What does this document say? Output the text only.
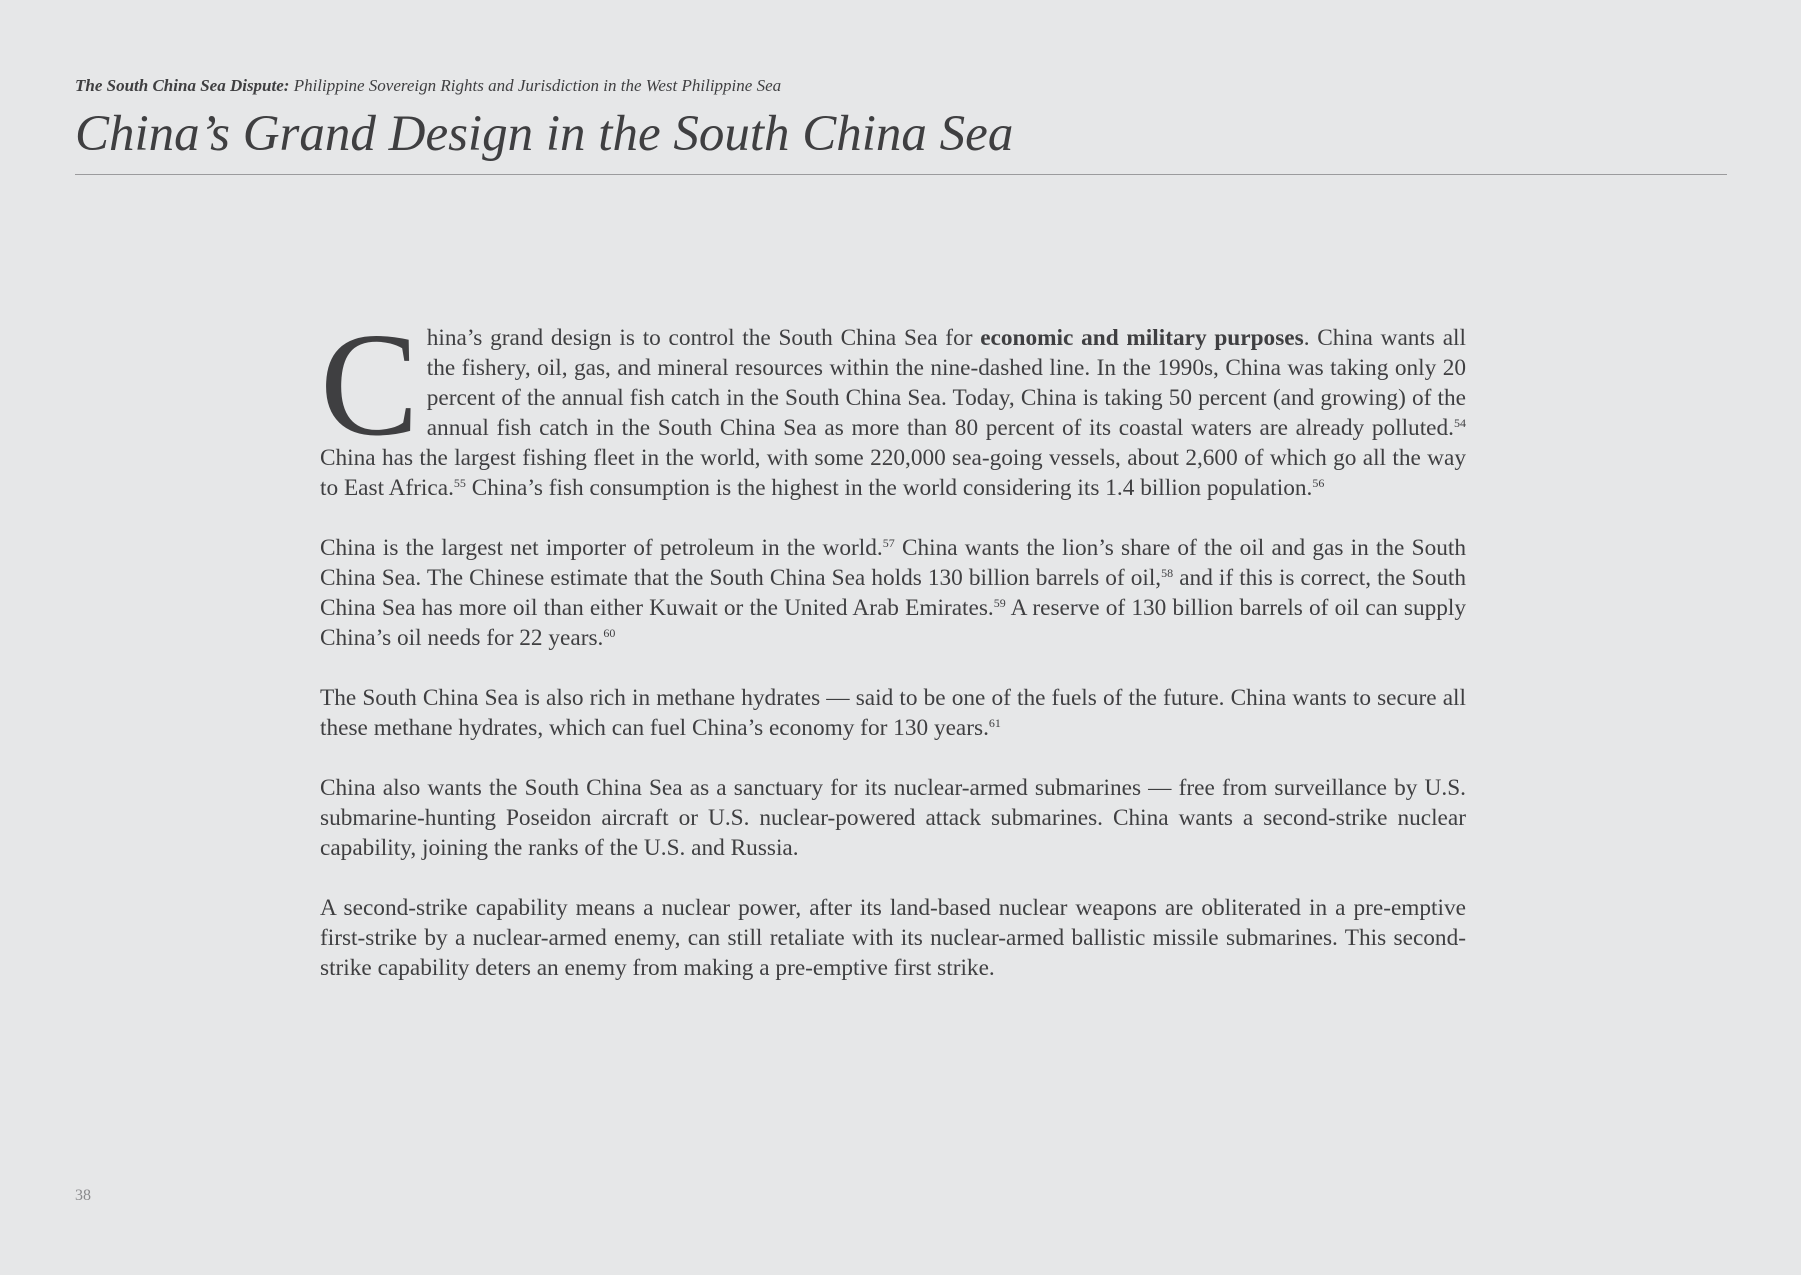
The South China Sea Dispute: Philippine Sovereign Rights and Jurisdiction in the West Philippine Sea
China’s Grand Design in the South China Sea

China’s grand design is to control the South China Sea for economic and military purposes. China wants all the fishery, oil, gas, and mineral resources within the nine-dashed line. In the 1990s, China was taking only 20 percent of the annual fish catch in the South China Sea. Today, China is taking 50 percent (and growing) of the annual fish catch in the South China Sea as more than 80 percent of its coastal waters are already polluted.$^{54}$ China has the largest fishing fleet in the world, with some 220,000 sea-going vessels, about 2,600 of which go all the way to East Africa.$^{55}$ China’s fish consumption is the highest in the world considering its 1.4 billion population.$^{56}$

China is the largest net importer of petroleum in the world.$^{57}$ China wants the lion’s share of the oil and gas in the South China Sea. The Chinese estimate that the South China Sea holds 130 billion barrels of oil,$^{58}$ and if this is correct, the South China Sea has more oil than either Kuwait or the United Arab Emirates.$^{59}$ A reserve of 130 billion barrels of oil can supply China’s oil needs for 22 years.$^{60}$

The South China Sea is also rich in methane hydrates — said to be one of the fuels of the future. China wants to secure all these methane hydrates, which can fuel China’s economy for 130 years.$^{61}$

China also wants the South China Sea as a sanctuary for its nuclear-armed submarines — free from surveillance by U.S. submarine-hunting Poseidon aircraft or U.S. nuclear-powered attack submarines. China wants a second-strike nuclear capability, joining the ranks of the U.S. and Russia.

A second-strike capability means a nuclear power, after its land-based nuclear weapons are obliterated in a pre-emptive first-strike by a nuclear-armed enemy, can still retaliate with its nuclear-armed ballistic missile submarines. This second-strike capability deters an enemy from making a pre-emptive first strike.

38
